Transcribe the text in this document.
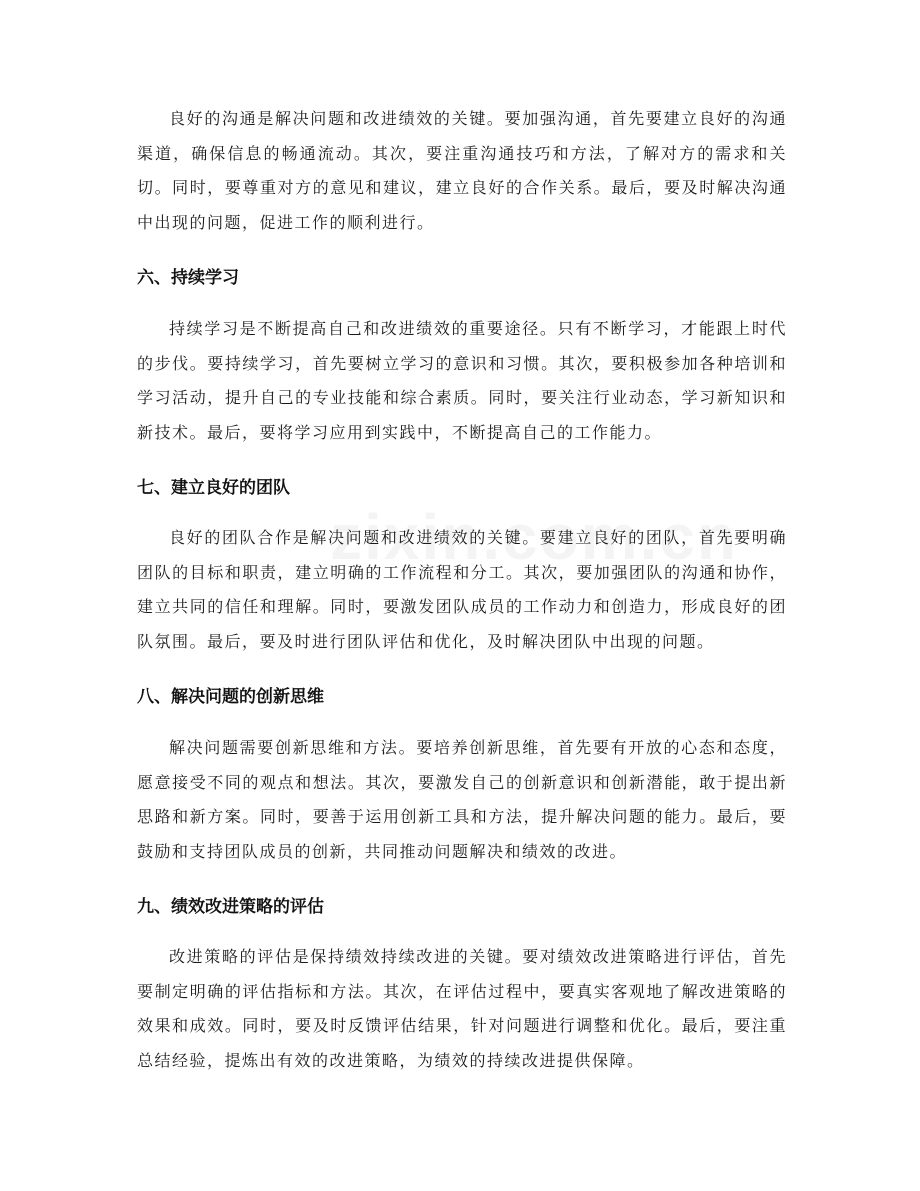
良好的沟通是解决问题和改进绩效的关键。要加强沟通，首先要建立良好的沟通渠道，确保信息的畅通流动。其次，要注重沟通技巧和方法，了解对方的需求和关切。同时，要尊重对方的意见和建议，建立良好的合作关系。最后，要及时解决沟通中出现的问题，促进工作的顺利进行。

六、持续学习

持续学习是不断提高自己和改进绩效的重要途径。只有不断学习，才能跟上时代的步伐。要持续学习，首先要树立学习的意识和习惯。其次，要积极参加各种培训和学习活动，提升自己的专业技能和综合素质。同时，要关注行业动态，学习新知识和新技术。最后，要将学习应用到实践中，不断提高自己的工作能力。

七、建立良好的团队

良好的团队合作是解决问题和改进绩效的关键。要建立良好的团队，首先要明确团队的目标和职责，建立明确的工作流程和分工。其次，要加强团队的沟通和协作，建立共同的信任和理解。同时，要激发团队成员的工作动力和创造力，形成良好的团队氛围。最后，要及时进行团队评估和优化，及时解决团队中出现的问题。

八、解决问题的创新思维

解决问题需要创新思维和方法。要培养创新思维，首先要有开放的心态和态度，愿意接受不同的观点和想法。其次，要激发自己的创新意识和创新潜能，敢于提出新思路和新方案。同时，要善于运用创新工具和方法，提升解决问题的能力。最后，要鼓励和支持团队成员的创新，共同推动问题解决和绩效的改进。

九、绩效改进策略的评估

改进策略的评估是保持绩效持续改进的关键。要对绩效改进策略进行评估，首先要制定明确的评估指标和方法。其次，在评估过程中，要真实客观地了解改进策略的效果和成效。同时，要及时反馈评估结果，针对问题进行调整和优化。最后，要注重总结经验，提炼出有效的改进策略，为绩效的持续改进提供保障。
